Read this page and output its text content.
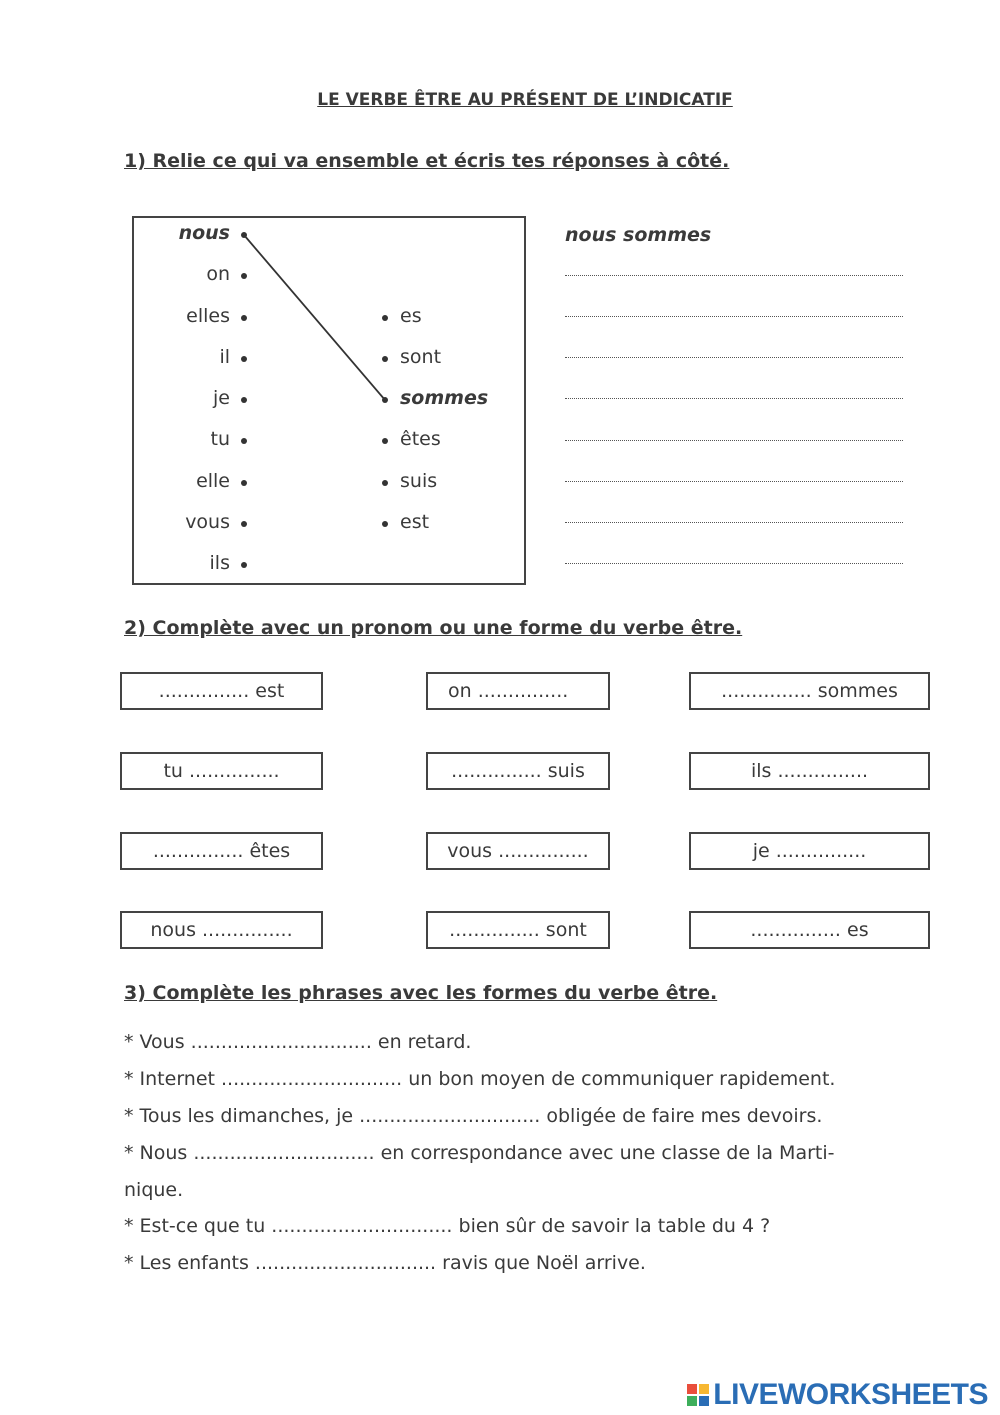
LE VERBE ÊTRE AU PRÉSENT DE L’INDICATIF
1) Relie ce qui va ensemble et écris tes réponses à côté.
nous
on
elles
il
je
tu
elle
vous
ils
es
sont
sommes
êtes
suis
est
nous sommes
2) Complète avec un pronom ou une forme du verbe être.
............... est	on ...............	............... sommes
tu ...............	............... suis	ils ...............
............... êtes	vous ...............	je ...............
nous ...............	............... sont	............... es
3) Complète les phrases avec les formes du verbe être.
* Vous .............................. en retard.
* Internet .............................. un bon moyen de communiquer rapidement.
* Tous les dimanches, je .............................. obligée de faire mes devoirs.
* Nous .............................. en correspondance avec une classe de la Marti-
nique.
* Est-ce que tu .............................. bien sûr de savoir la table du 4 ?
* Les enfants .............................. ravis que Noël arrive.
LIVEWORKSHEETS
